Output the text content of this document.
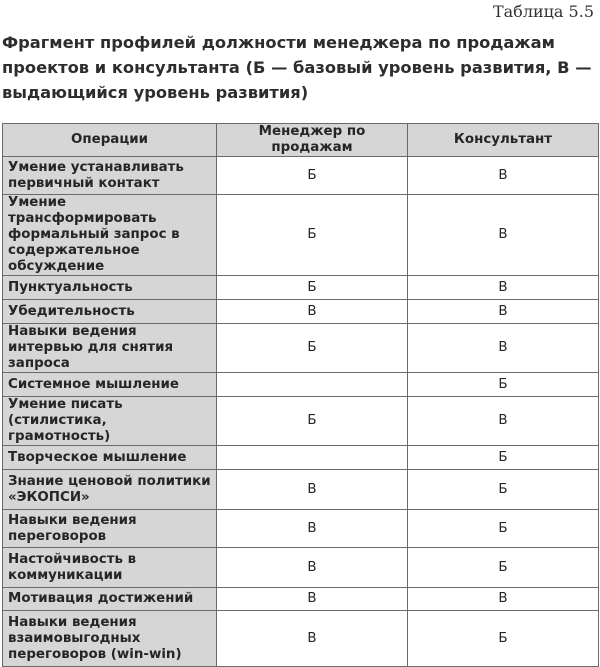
Таблица 5.5
Фрагмент профилей должности менеджера по продажам проектов и консультанта (Б — базовый уровень развития, В — выдающийся уровень развития)
Операции	Менеджер по продажам	Консультант
Умение устанавливать первичный контакт	Б	В
Умение трансформировать формальный запрос в содержательное обсуждение	Б	В
Пунктуальность	Б	В
Убедительность	В	В
Навыки ведения интервью для снятия запроса	Б	В
Системное мышление		Б
Умение писать (стилистика, грамотность)	Б	В
Творческое мышление		Б
Знание ценовой политики «ЭКОПСИ»	В	Б
Навыки ведения переговоров	В	Б
Настойчивость в коммуникации	В	Б
Мотивация достижений	В	В
Навыки ведения взаимовыгодных переговоров (win-win)	В	Б
